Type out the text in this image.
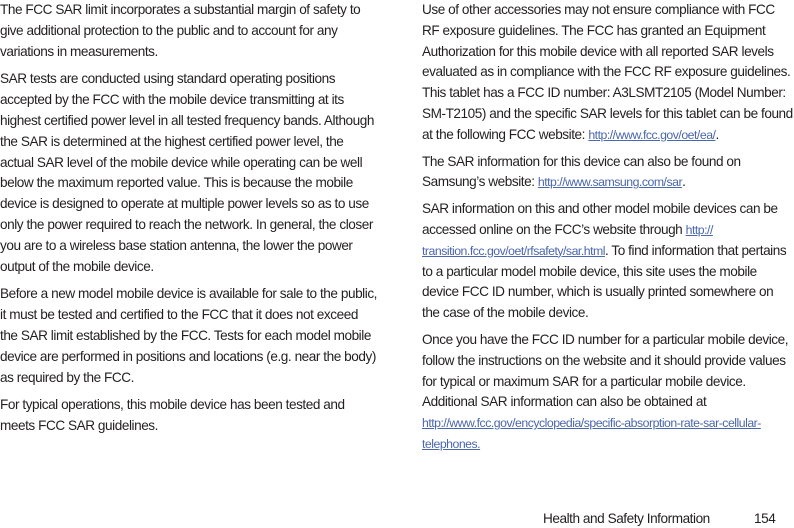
The FCC SAR limit incorporates a substantial margin of safety to give additional protection to the public and to account for any variations in measurements.

SAR tests are conducted using standard operating positions accepted by the FCC with the mobile device transmitting at its highest certified power level in all tested frequency bands. Although the SAR is determined at the highest certified power level, the actual SAR level of the mobile device while operating can be well below the maximum reported value. This is because the mobile device is designed to operate at multiple power levels so as to use only the power required to reach the network. In general, the closer you are to a wireless base station antenna, the lower the power output of the mobile device.

Before a new model mobile device is available for sale to the public, it must be tested and certified to the FCC that it does not exceed the SAR limit established by the FCC. Tests for each model mobile device are performed in positions and locations (e.g. near the body) as required by the FCC.

For typical operations, this mobile device has been tested and meets FCC SAR guidelines.

Use of other accessories may not ensure compliance with FCC RF exposure guidelines. The FCC has granted an Equipment Authorization for this mobile device with all reported SAR levels evaluated as in compliance with the FCC RF exposure guidelines. This tablet has a FCC ID number: A3LSMT2105 (Model Number: SM-T2105) and the specific SAR levels for this tablet can be found at the following FCC website: http://www.fcc.gov/oet/ea/.

The SAR information for this device can also be found on Samsung’s website: http://www.samsung.com/sar.

SAR information on this and other model mobile devices can be accessed online on the FCC’s website through http:// transition.fcc.gov/oet/rfsafety/sar.html. To find information that pertains to a particular model mobile device, this site uses the mobile device FCC ID number, which is usually printed somewhere on the case of the mobile device.

Once you have the FCC ID number for a particular mobile device, follow the instructions on the website and it should provide values for typical or maximum SAR for a particular mobile device. Additional SAR information can also be obtained at
http://www.fcc.gov/encyclopedia/specific-absorption-rate-sar-cellular-telephones.

Health and Safety Information	154
